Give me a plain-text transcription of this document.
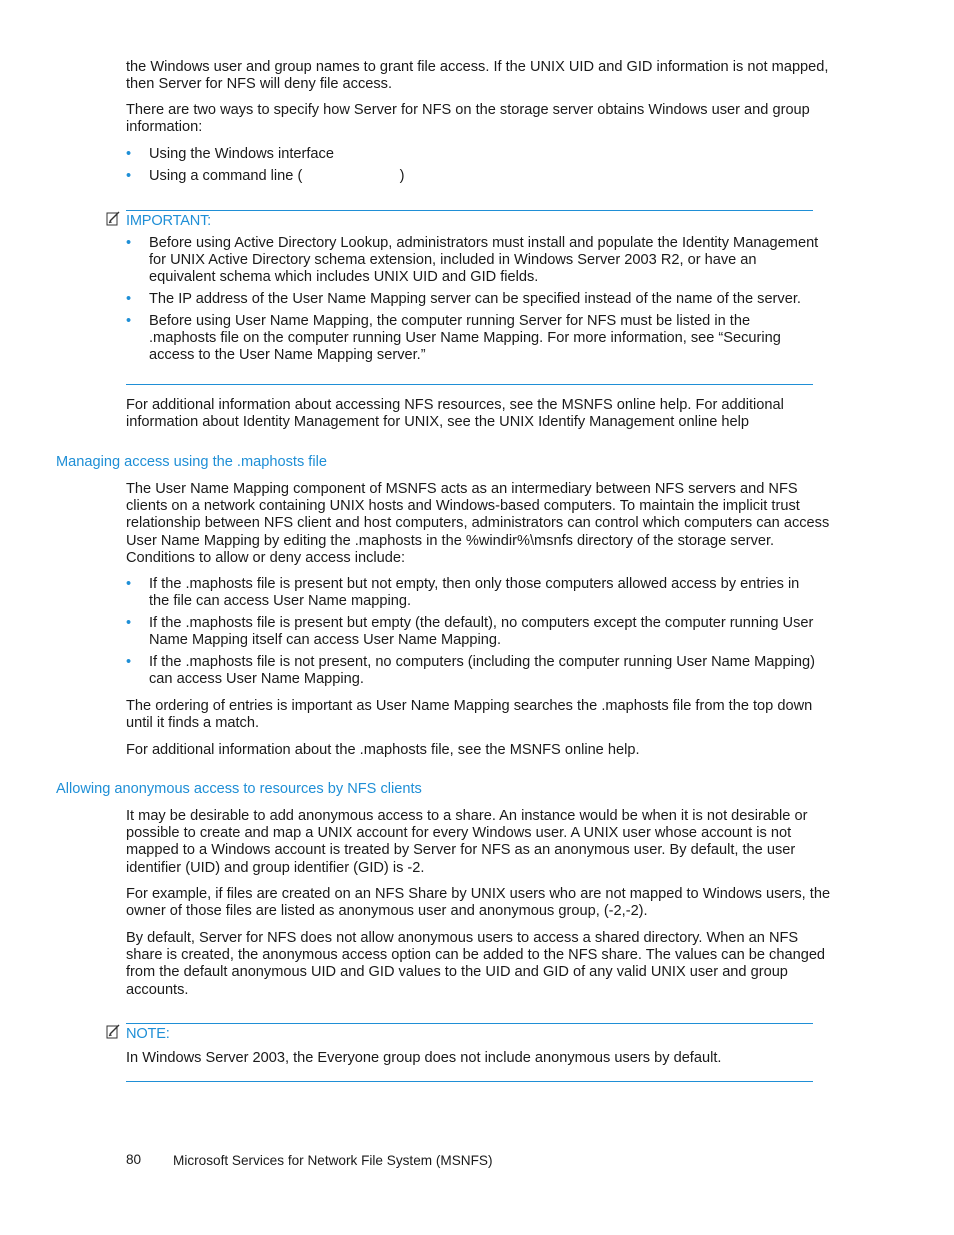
the Windows user and group names to grant file access. If the UNIX UID and GID information is not mapped, then Server for NFS will deny file access.

There are two ways to specify how Server for NFS on the storage server obtains Windows user and group information:

• Using the Windows interface
• Using a command line (                        )
IMPORTANT:
• Before using Active Directory Lookup, administrators must install and populate the Identity Management for UNIX Active Directory schema extension, included in Windows Server 2003 R2, or have an equivalent schema which includes UNIX UID and GID fields.
• The IP address of the User Name Mapping server can be specified instead of the name of the server.
• Before using User Name Mapping, the computer running Server for NFS must be listed in the .maphosts file on the computer running User Name Mapping. For more information, see “Securing access to the User Name Mapping server.”

For additional information about accessing NFS resources, see the MSNFS online help. For additional information about Identity Management for UNIX, see the UNIX Identify Management online help

Managing access using the .maphosts file

The User Name Mapping component of MSNFS acts as an intermediary between NFS servers and NFS clients on a network containing UNIX hosts and Windows-based computers. To maintain the implicit trust relationship between NFS client and host computers, administrators can control which computers can access User Name Mapping by editing the .maphosts in the %windir%\msnfs directory of the storage server. Conditions to allow or deny access include:

• If the .maphosts file is present but not empty, then only those computers allowed access by entries in the file can access User Name mapping.
• If the .maphosts file is present but empty (the default), no computers except the computer running User Name Mapping itself can access User Name Mapping.
• If the .maphosts file is not present, no computers (including the computer running User Name Mapping) can access User Name Mapping.

The ordering of entries is important as User Name Mapping searches the .maphosts file from the top down until it finds a match.

For additional information about the .maphosts file, see the MSNFS online help.

Allowing anonymous access to resources by NFS clients

It may be desirable to add anonymous access to a share. An instance would be when it is not desirable or possible to create and map a UNIX account for every Windows user. A UNIX user whose account is not mapped to a Windows account is treated by Server for NFS as an anonymous user. By default, the user identifier (UID) and group identifier (GID) is -2.

For example, if files are created on an NFS Share by UNIX users who are not mapped to Windows users, the owner of those files are listed as anonymous user and anonymous group, (-2,-2).

By default, Server for NFS does not allow anonymous users to access a shared directory. When an NFS share is created, the anonymous access option can be added to the NFS share. The values can be changed from the default anonymous UID and GID values to the UID and GID of any valid UNIX user and group accounts.

NOTE:

In Windows Server 2003, the Everyone group does not include anonymous users by default.

80 Microsoft Services for Network File System (MSNFS)
